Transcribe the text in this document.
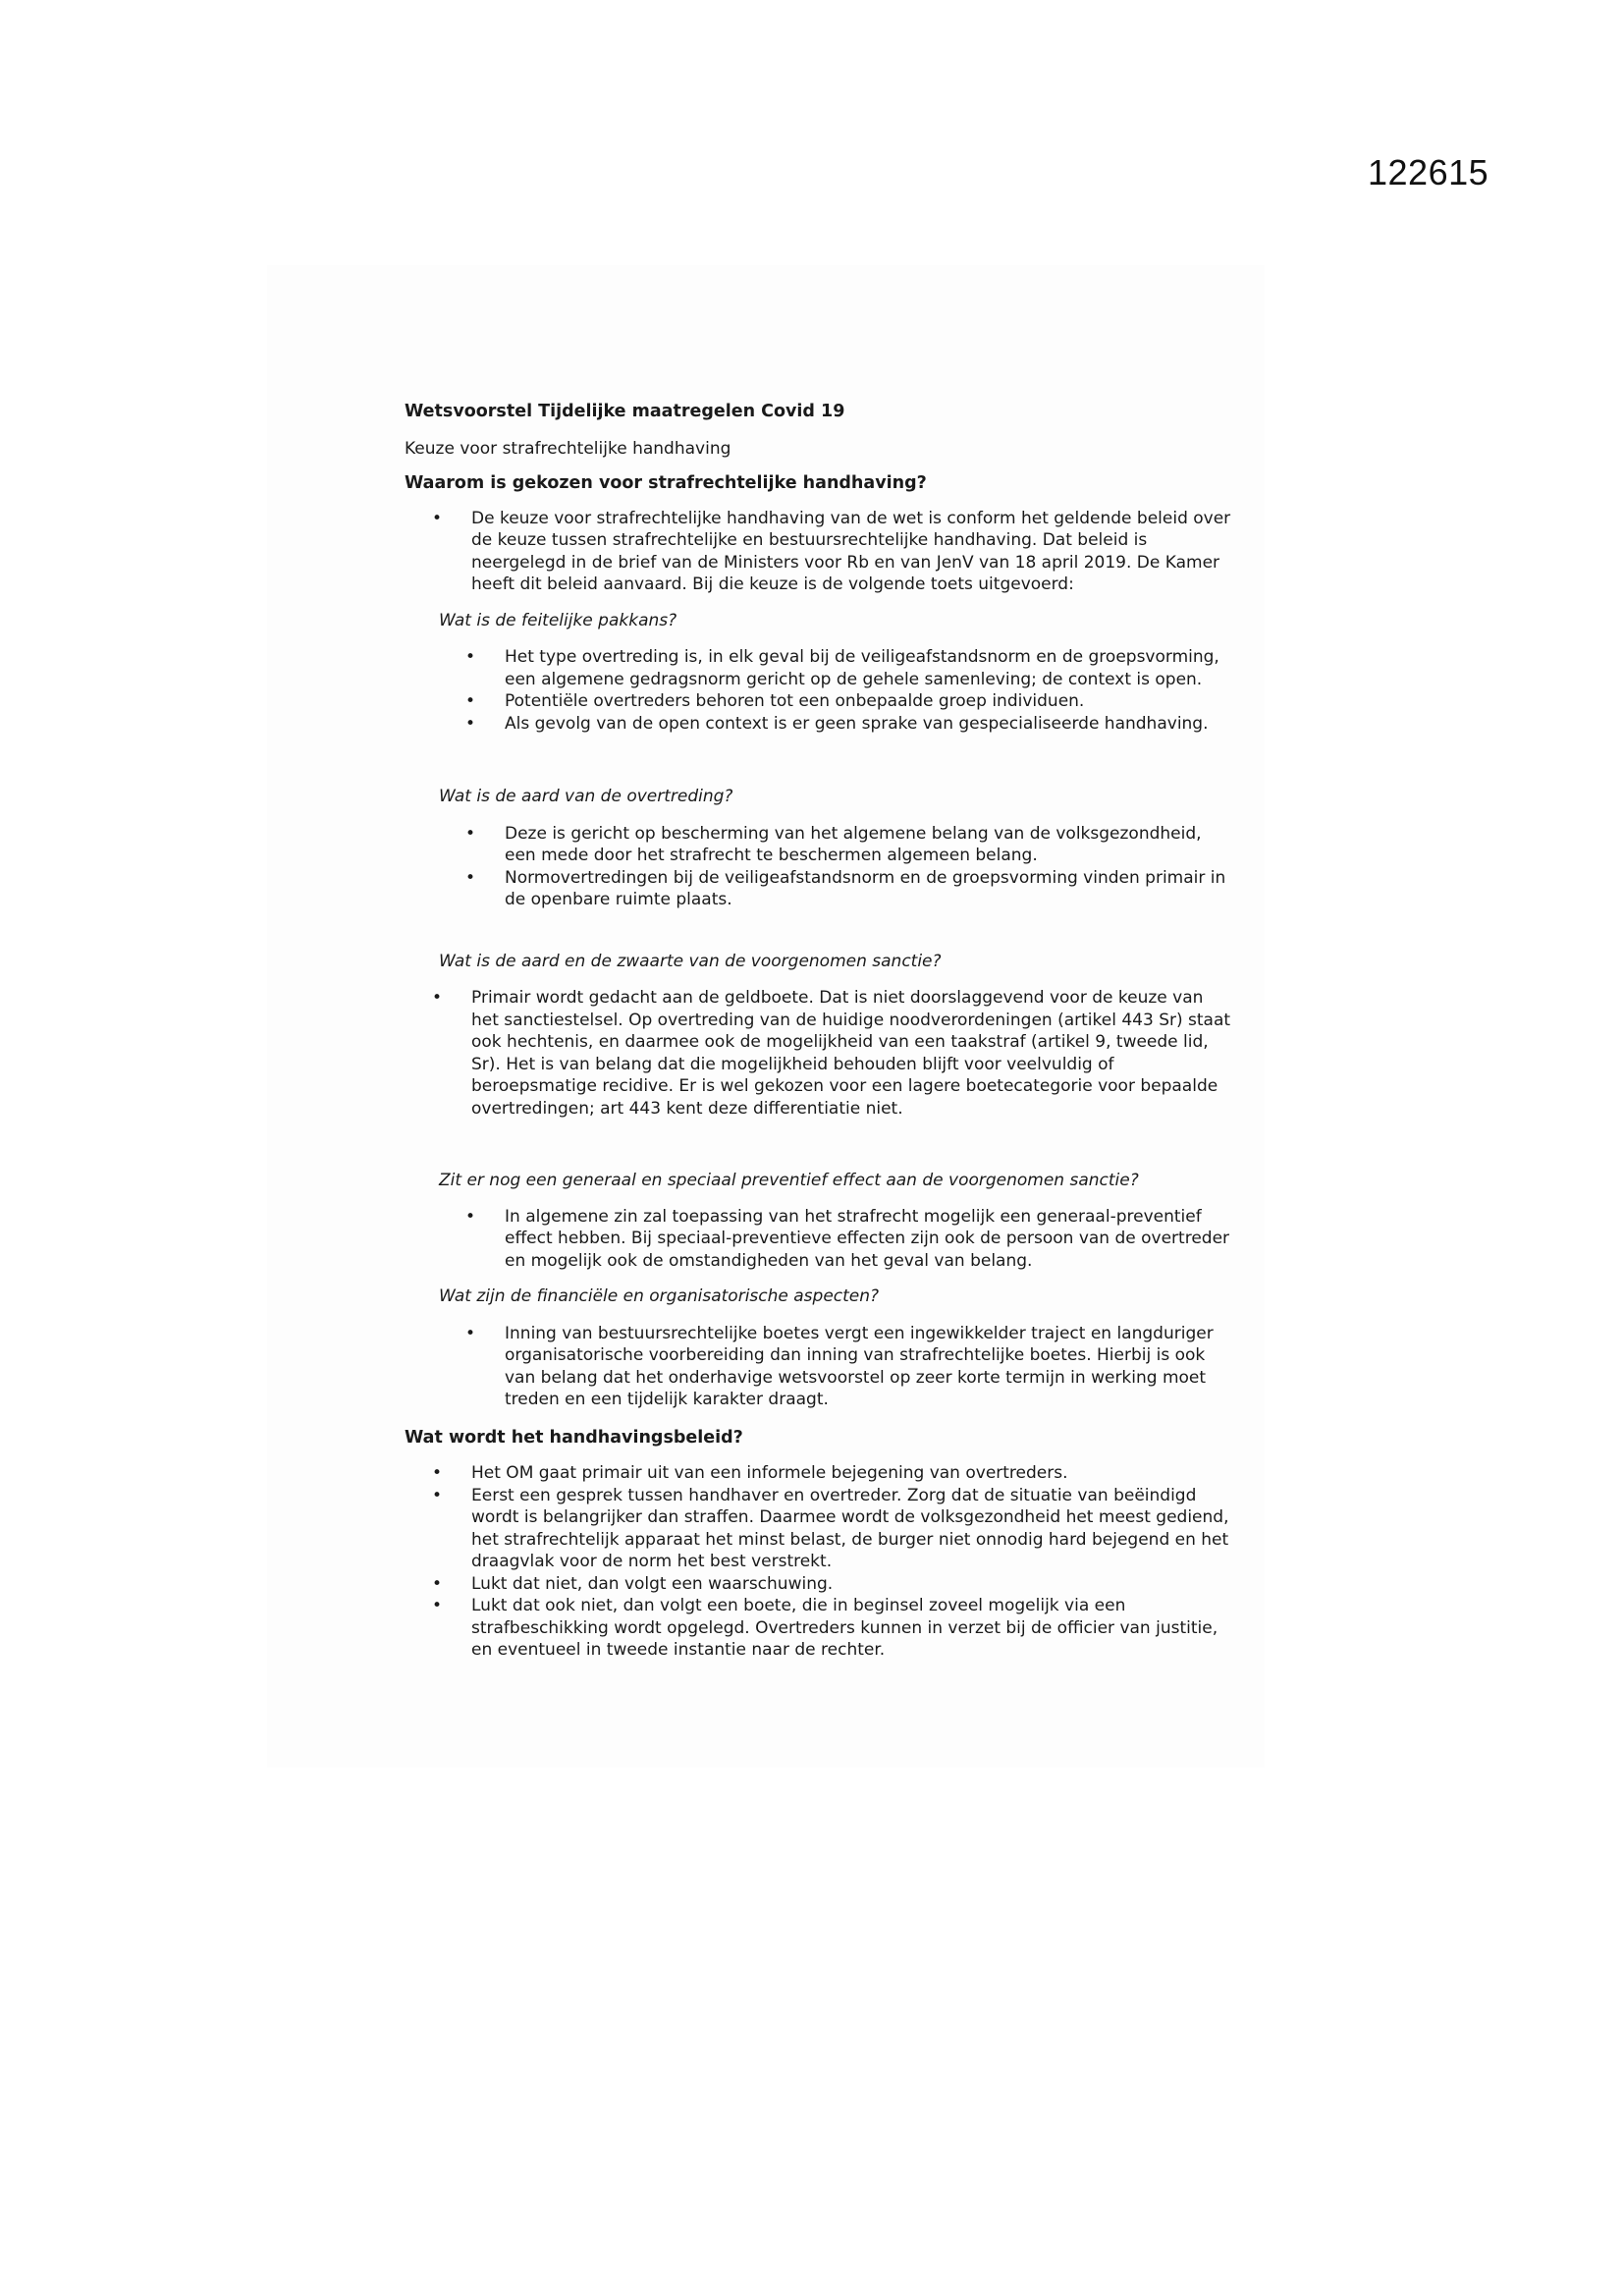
122615
Wetsvoorstel Tijdelijke maatregelen Covid 19
Keuze voor strafrechtelijke handhaving
Waarom is gekozen voor strafrechtelijke handhaving?
• De keuze voor strafrechtelijke handhaving van de wet is conform het geldende beleid over de keuze tussen strafrechtelijke en bestuursrechtelijke handhaving. Dat beleid is neergelegd in de brief van de Ministers voor Rb en van JenV van 18 april 2019. De Kamer heeft dit beleid aanvaard. Bij die keuze is de volgende toets uitgevoerd:
Wat is de feitelijke pakkans?
• Het type overtreding is, in elk geval bij de veiligeafstandsnorm en de groepsvorming, een algemene gedragsnorm gericht op de gehele samenleving; de context is open.
• Potentiële overtreders behoren tot een onbepaalde groep individuen.
• Als gevolg van de open context is er geen sprake van gespecialiseerde handhaving.
Wat is de aard van de overtreding?
• Deze is gericht op bescherming van het algemene belang van de volksgezondheid, een mede door het strafrecht te beschermen algemeen belang.
• Normovertredingen bij de veiligeafstandsnorm en de groepsvorming vinden primair in de openbare ruimte plaats.
Wat is de aard en de zwaarte van de voorgenomen sanctie?
• Primair wordt gedacht aan de geldboete. Dat is niet doorslaggevend voor de keuze van het sanctiestelsel. Op overtreding van de huidige noodverordeningen (artikel 443 Sr) staat ook hechtenis, en daarmee ook de mogelijkheid van een taakstraf (artikel 9, tweede lid, Sr). Het is van belang dat die mogelijkheid behouden blijft voor veelvuldig of beroepsmatige recidive. Er is wel gekozen voor een lagere boetecategorie voor bepaalde overtredingen; art 443 kent deze differentiatie niet.
Zit er nog een generaal en speciaal preventief effect aan de voorgenomen sanctie?
• In algemene zin zal toepassing van het strafrecht mogelijk een generaal-preventief effect hebben. Bij speciaal-preventieve effecten zijn ook de persoon van de overtreder en mogelijk ook de omstandigheden van het geval van belang.
Wat zijn de financiële en organisatorische aspecten?
• Inning van bestuursrechtelijke boetes vergt een ingewikkelder traject en langduriger organisatorische voorbereiding dan inning van strafrechtelijke boetes. Hierbij is ook van belang dat het onderhavige wetsvoorstel op zeer korte termijn in werking moet treden en een tijdelijk karakter draagt.
Wat wordt het handhavingsbeleid?
• Het OM gaat primair uit van een informele bejegening van overtreders.
• Eerst een gesprek tussen handhaver en overtreder. Zorg dat de situatie van beëindigd wordt is belangrijker dan straffen. Daarmee wordt de volksgezondheid het meest gediend, het strafrechtelijk apparaat het minst belast, de burger niet onnodig hard bejegend en het draagvlak voor de norm het best verstrekt.
• Lukt dat niet, dan volgt een waarschuwing.
• Lukt dat ook niet, dan volgt een boete, die in beginsel zoveel mogelijk via een strafbeschikking wordt opgelegd. Overtreders kunnen in verzet bij de officier van justitie, en eventueel in tweede instantie naar de rechter.
